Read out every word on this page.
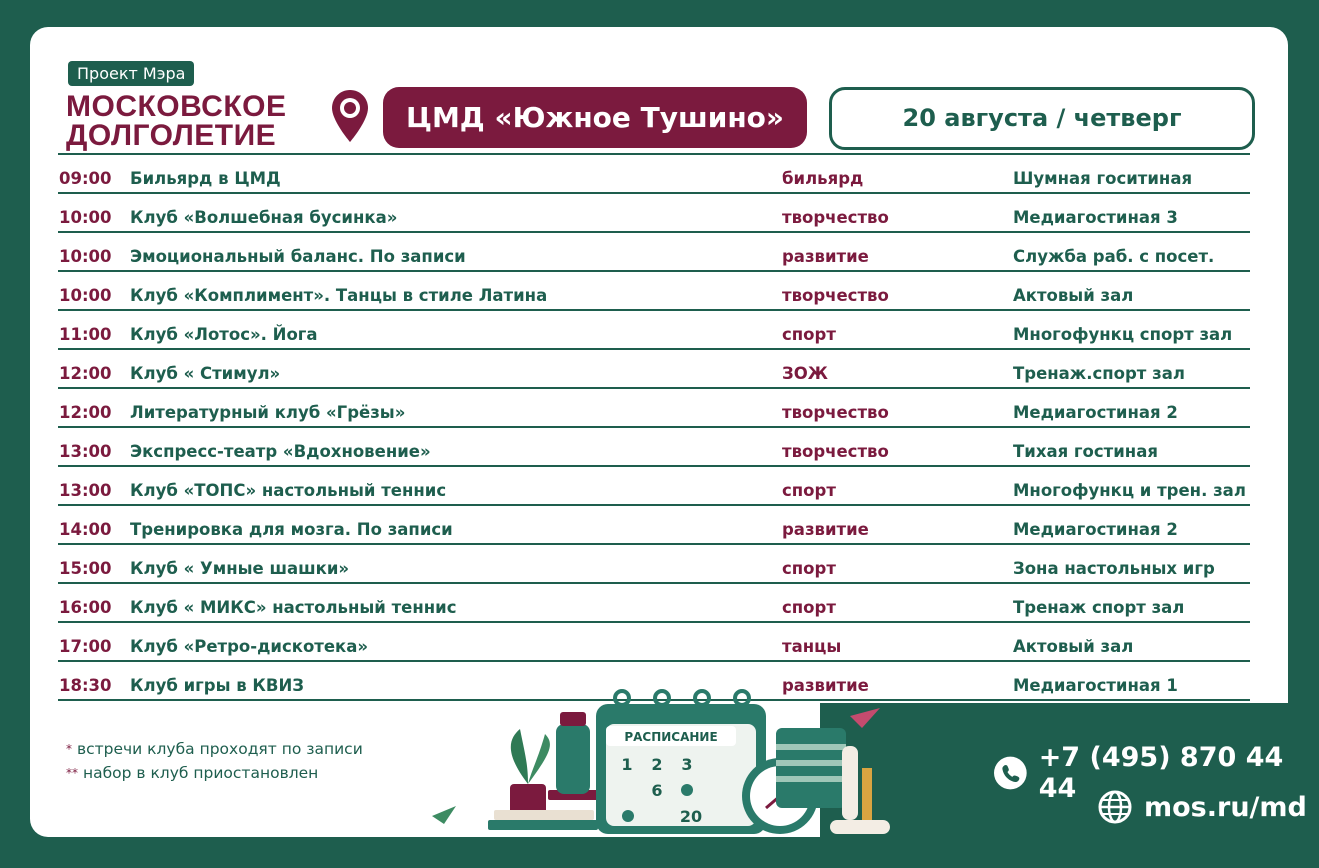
Проект Мэра
МОСКОВСКОЕ
ДОЛГОЛЕТИЕ
ЦМД «Южное Тушино»	20 августа / четверг
09:00 Бильярд в ЦМД	бильярд	Шумная госитиная
10:00 Клуб «Волшебная бусинка»	творчество	Медиагостиная 3
10:00 Эмоциональный баланс. По записи	развитие	Служба раб. с посет.
10:00 Клуб «Комплимент». Танцы в стиле Латина	творчество	Актовый зал
11:00 Клуб «Лотос». Йога	спорт	Многофункц спорт зал
12:00 Клуб « Стимул»	ЗОЖ	Тренаж.спорт зал
12:00 Литературный клуб «Грёзы»	творчество	Медиагостиная 2
13:00 Экспресс-театр «Вдохновение»	творчество	Тихая гостиная
13:00 Клуб «ТОПС» настольный теннис	спорт	Многофункц и трен. зал
14:00 Тренировка для мозга. По записи	развитие	Медиагостиная 2
15:00 Клуб « Умные шашки»	спорт	Зона настольных игр
16:00 Клуб « МИКС» настольный теннис	спорт	Тренаж спорт зал
17:00 Клуб «Ретро-дискотека»	танцы	Актовый зал
18:30 Клуб игры в КВИЗ	развитие	Медиагостиная 1
* встречи клуба проходят по записи
** набор в клуб приостановлен
РАСПИСАНИЕ
1 2 3
6
20
+7 (495) 870 44 44
mos.ru/md
